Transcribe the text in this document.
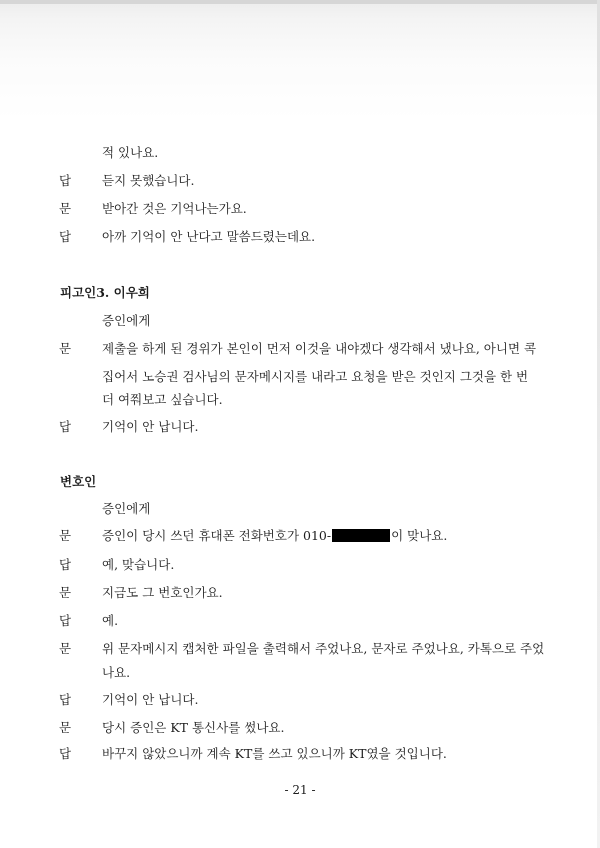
적 있나요.
답	듣지 못했습니다.
문	받아간 것은 기억나는가요.
답	아까 기억이 안 난다고 말씀드렸는데요.
피고인3. 이우희
증인에게
문	제출을 하게 된 경위가 본인이 먼저 이것을 내야겠다 생각해서 냈나요, 아니면 콕
집어서 노승권 검사님의 문자메시지를 내라고 요청을 받은 것인지 그것을 한 번
더 여쭤보고 싶습니다.
답	기억이 안 납니다.
변호인
증인에게
문	증인이 당시 쓰던 휴대폰 전화번호가 010-	이 맞나요.
답	예, 맞습니다.
문	지금도 그 번호인가요.
답	예.
문	위 문자메시지 캡처한 파일을 출력해서 주었나요, 문자로 주었나요, 카톡으로 주었
나요.
답	기억이 안 납니다.
문	당시 증인은 KT 통신사를 썼나요.
답	바꾸지 않았으니까 계속 KT를 쓰고 있으니까 KT였을 것입니다.
- 21 -
